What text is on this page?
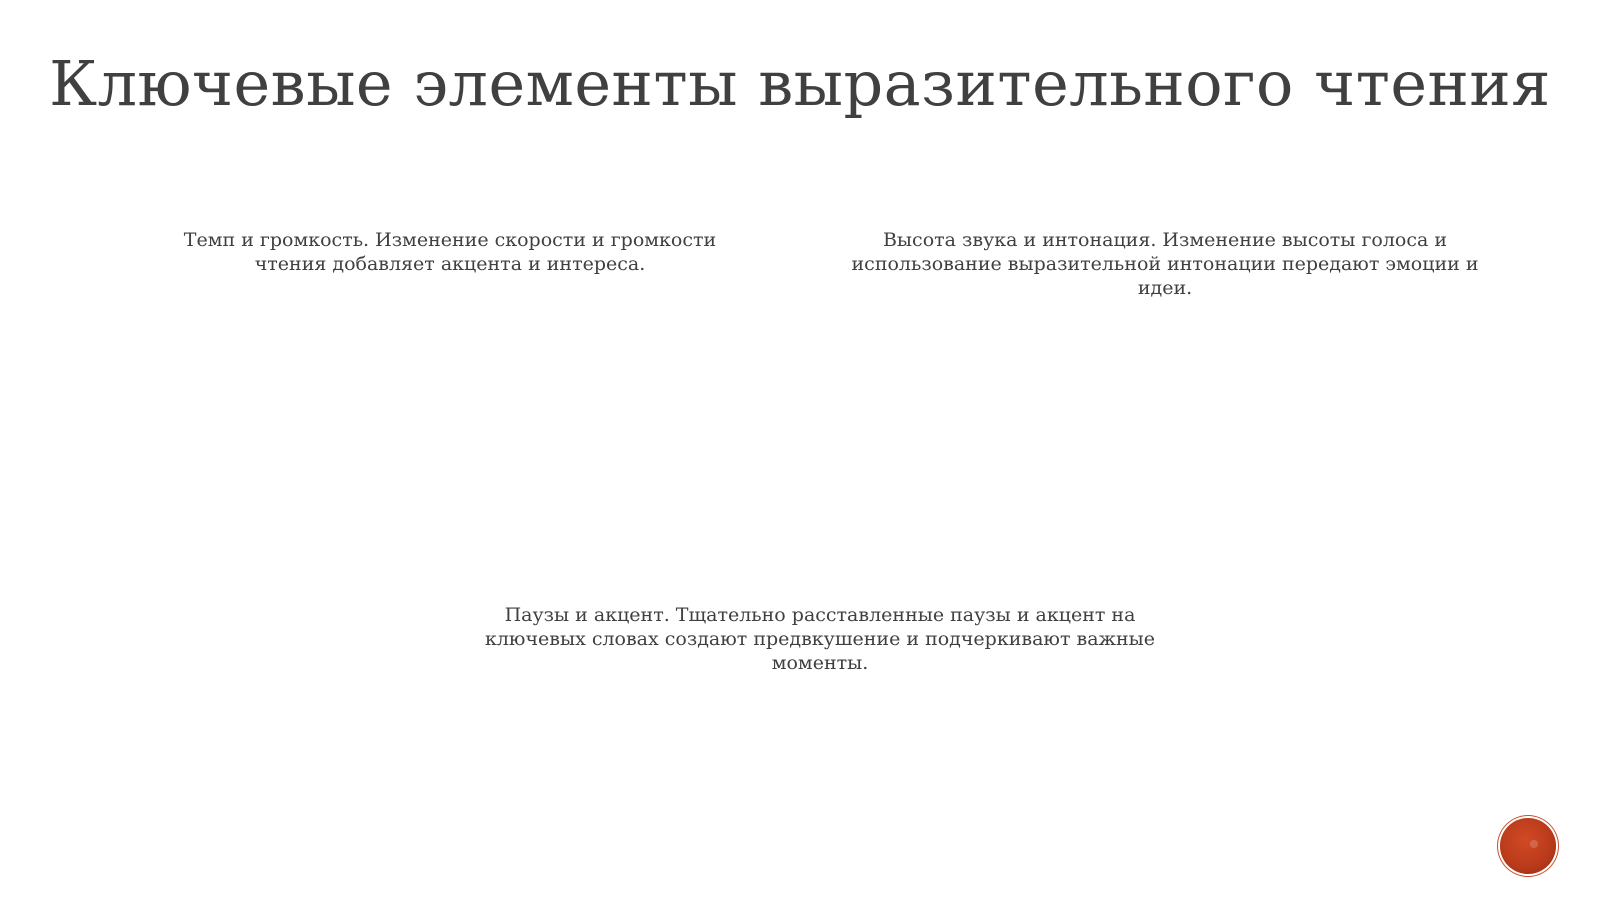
Ключевые элементы выразительного чтения
Темп и громкость. Изменение скорости и громкости чтения добавляет акцента и интереса.
Высота звука и интонация. Изменение высоты голоса и использование выразительной интонации передают эмоции и идеи.
Паузы и акцент. Тщательно расставленные паузы и акцент на ключевых словах создают предвкушение и подчеркивают важные моменты.
